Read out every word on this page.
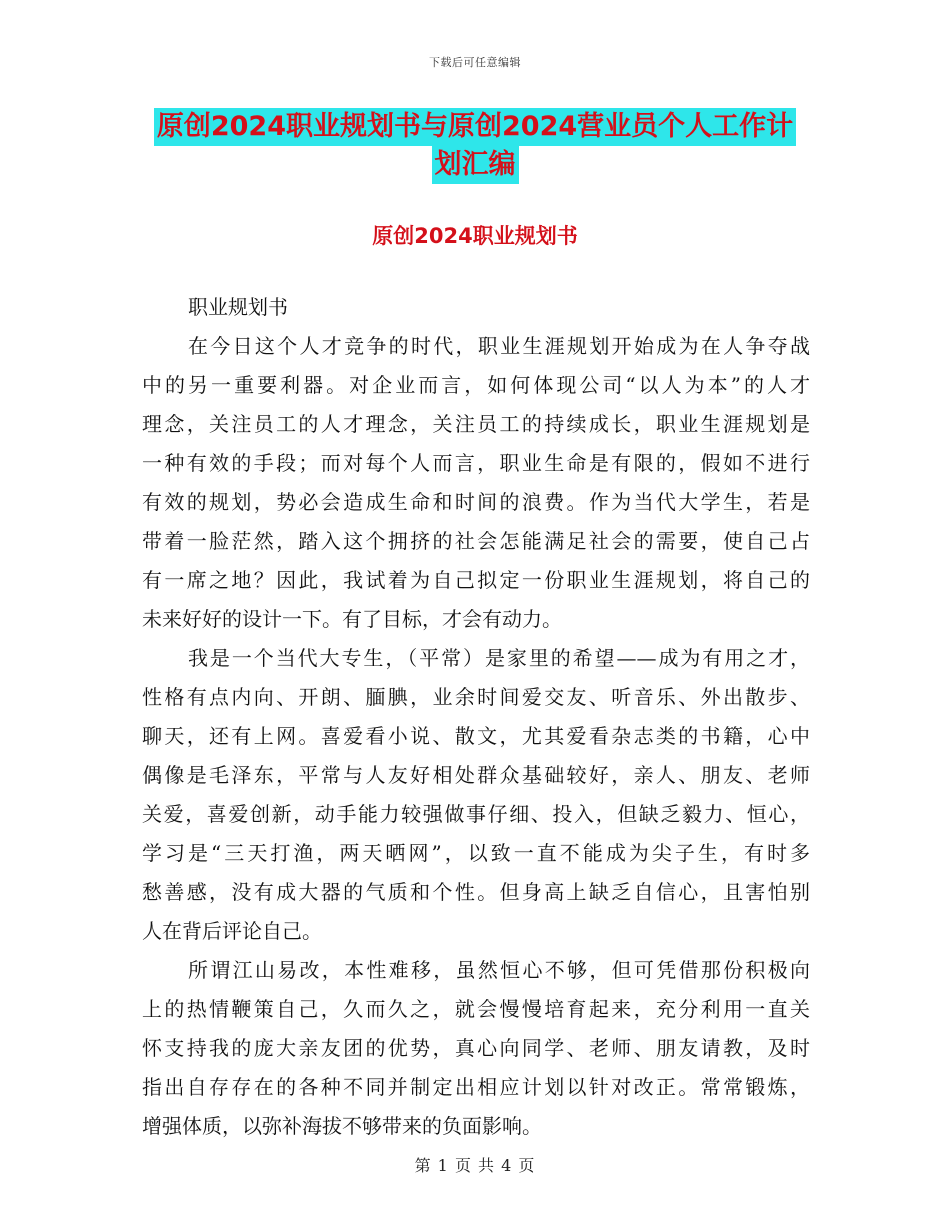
下载后可任意编辑
原创2024职业规划书与原创2024营业员个人工作计
划汇编
原创2024职业规划书
职业规划书
在今日这个人才竞争的时代，职业生涯规划开始成为在人争夺战
中的另一重要利器。对企业而言，如何体现公司“以人为本”的人才
理念，关注员工的人才理念，关注员工的持续成长，职业生涯规划是
一种有效的手段；而对每个人而言，职业生命是有限的，假如不进行
有效的规划，势必会造成生命和时间的浪费。作为当代大学生，若是
带着一脸茫然，踏入这个拥挤的社会怎能满足社会的需要，使自己占
有一席之地？因此，我试着为自己拟定一份职业生涯规划，将自己的
未来好好的设计一下。有了目标，才会有动力。
我是一个当代大专生，（平常）是家里的希望——成为有用之才，
性格有点内向、开朗、腼腆，业余时间爱交友、听音乐、外出散步、
聊天，还有上网。喜爱看小说、散文，尤其爱看杂志类的书籍，心中
偶像是毛泽东，平常与人友好相处群众基础较好，亲人、朋友、老师
关爱，喜爱创新，动手能力较强做事仔细、投入，但缺乏毅力、恒心，
学习是“三天打渔，两天晒网”，以致一直不能成为尖子生，有时多
愁善感，没有成大器的气质和个性。但身高上缺乏自信心，且害怕别
人在背后评论自己。
所谓江山易改，本性难移，虽然恒心不够，但可凭借那份积极向
上的热情鞭策自己，久而久之，就会慢慢培育起来，充分利用一直关
怀支持我的庞大亲友团的优势，真心向同学、老师、朋友请教，及时
指出自存存在的各种不同并制定出相应计划以针对改正。常常锻炼，
增强体质，以弥补海拔不够带来的负面影响。
第 1 页 共 4 页
